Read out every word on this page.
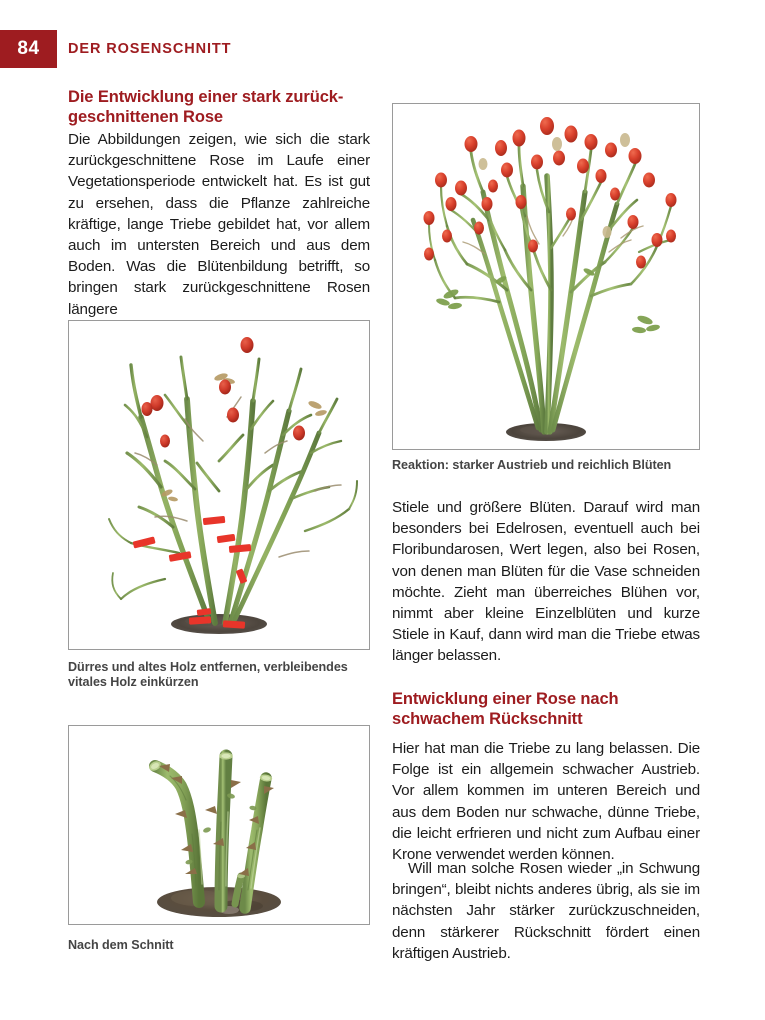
84	DER ROSENSCHNITT
Die Entwicklung einer stark zurückgeschnittenen Rose

Die Abbildungen zeigen, wie sich die stark zurückgeschnittene Rose im Laufe einer Vegetationsperiode entwickelt hat. Es ist gut zu ersehen, dass die Pflanze zahlreiche kräftige, lange Triebe gebildet hat, vor allem auch im untersten Bereich und aus dem Boden. Was die Blütenbildung betrifft, so bringen stark zurückgeschnittene Rosen längere

Dürres und altes Holz entfernen, verbleibendes vitales Holz einkürzen

Reaktion: starker Austrieb und reichlich Blüten

Stiele und größere Blüten. Darauf wird man besonders bei Edelrosen, eventuell auch bei Floribundarosen, Wert legen, also bei Rosen, von denen man Blüten für die Vase schneiden möchte. Zieht man überreiches Blühen vor, nimmt aber kleine Einzelblüten und kurze Stiele in Kauf, dann wird man die Triebe etwas länger belassen.

Entwicklung einer Rose nach schwachem Rückschnitt

Hier hat man die Triebe zu lang belassen. Die Folge ist ein allgemein schwacher Austrieb. Vor allem kommen im unteren Bereich und aus dem Boden nur schwache, dünne Triebe, die leicht erfrieren und nicht zum Aufbau einer Krone verwendet werden können.

Will man solche Rosen wieder „in Schwung bringen“, bleibt nichts anderes übrig, als sie im nächsten Jahr stärker zurückzuschneiden, denn stärkerer Rückschnitt fördert einen kräftigen Austrieb.

Nach dem Schnitt
